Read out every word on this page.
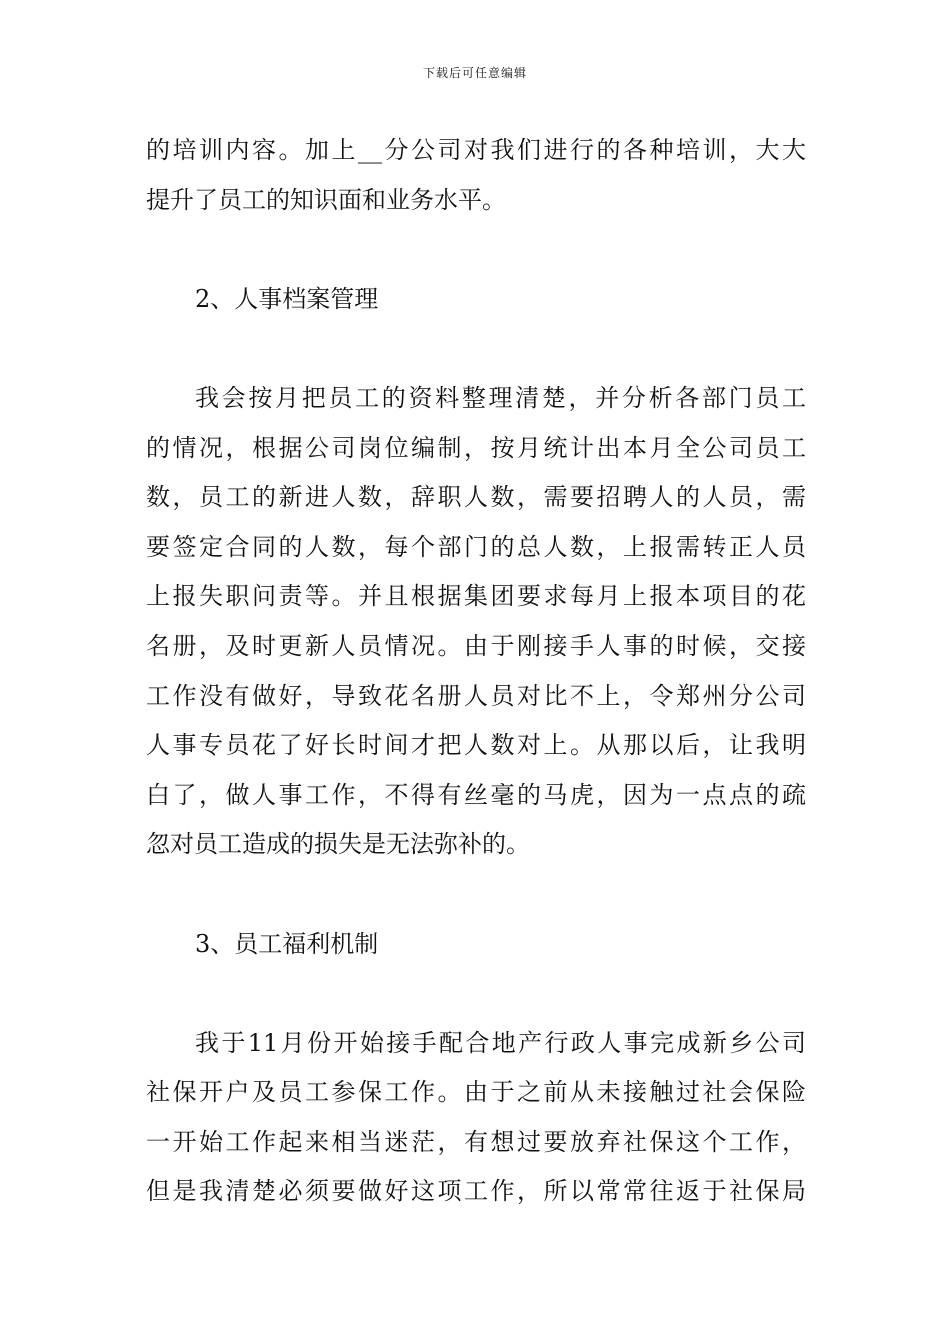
下载后可任意编辑
的培训内容。加上__分公司对我们进行的各种培训，大大
提升了员工的知识面和业务水平。
2、人事档案管理
我会按月把员工的资料整理清楚，并分析各部门员工
的情况，根据公司岗位编制，按月统计出本月全公司员工
数，员工的新进人数，辞职人数，需要招聘人的人员，需
要签定合同的人数，每个部门的总人数，上报需转正人员
上报失职问责等。并且根据集团要求每月上报本项目的花
名册，及时更新人员情况。由于刚接手人事的时候，交接
工作没有做好，导致花名册人员对比不上，令郑州分公司
人事专员花了好长时间才把人数对上。从那以后，让我明
白了，做人事工作，不得有丝毫的马虎，因为一点点的疏
忽对员工造成的损失是无法弥补的。
3、员工福利机制
我于11月份开始接手配合地产行政人事完成新乡公司
社保开户及员工参保工作。由于之前从未接触过社会保险
一开始工作起来相当迷茫，有想过要放弃社保这个工作，
但是我清楚必须要做好这项工作，所以常常往返于社保局
